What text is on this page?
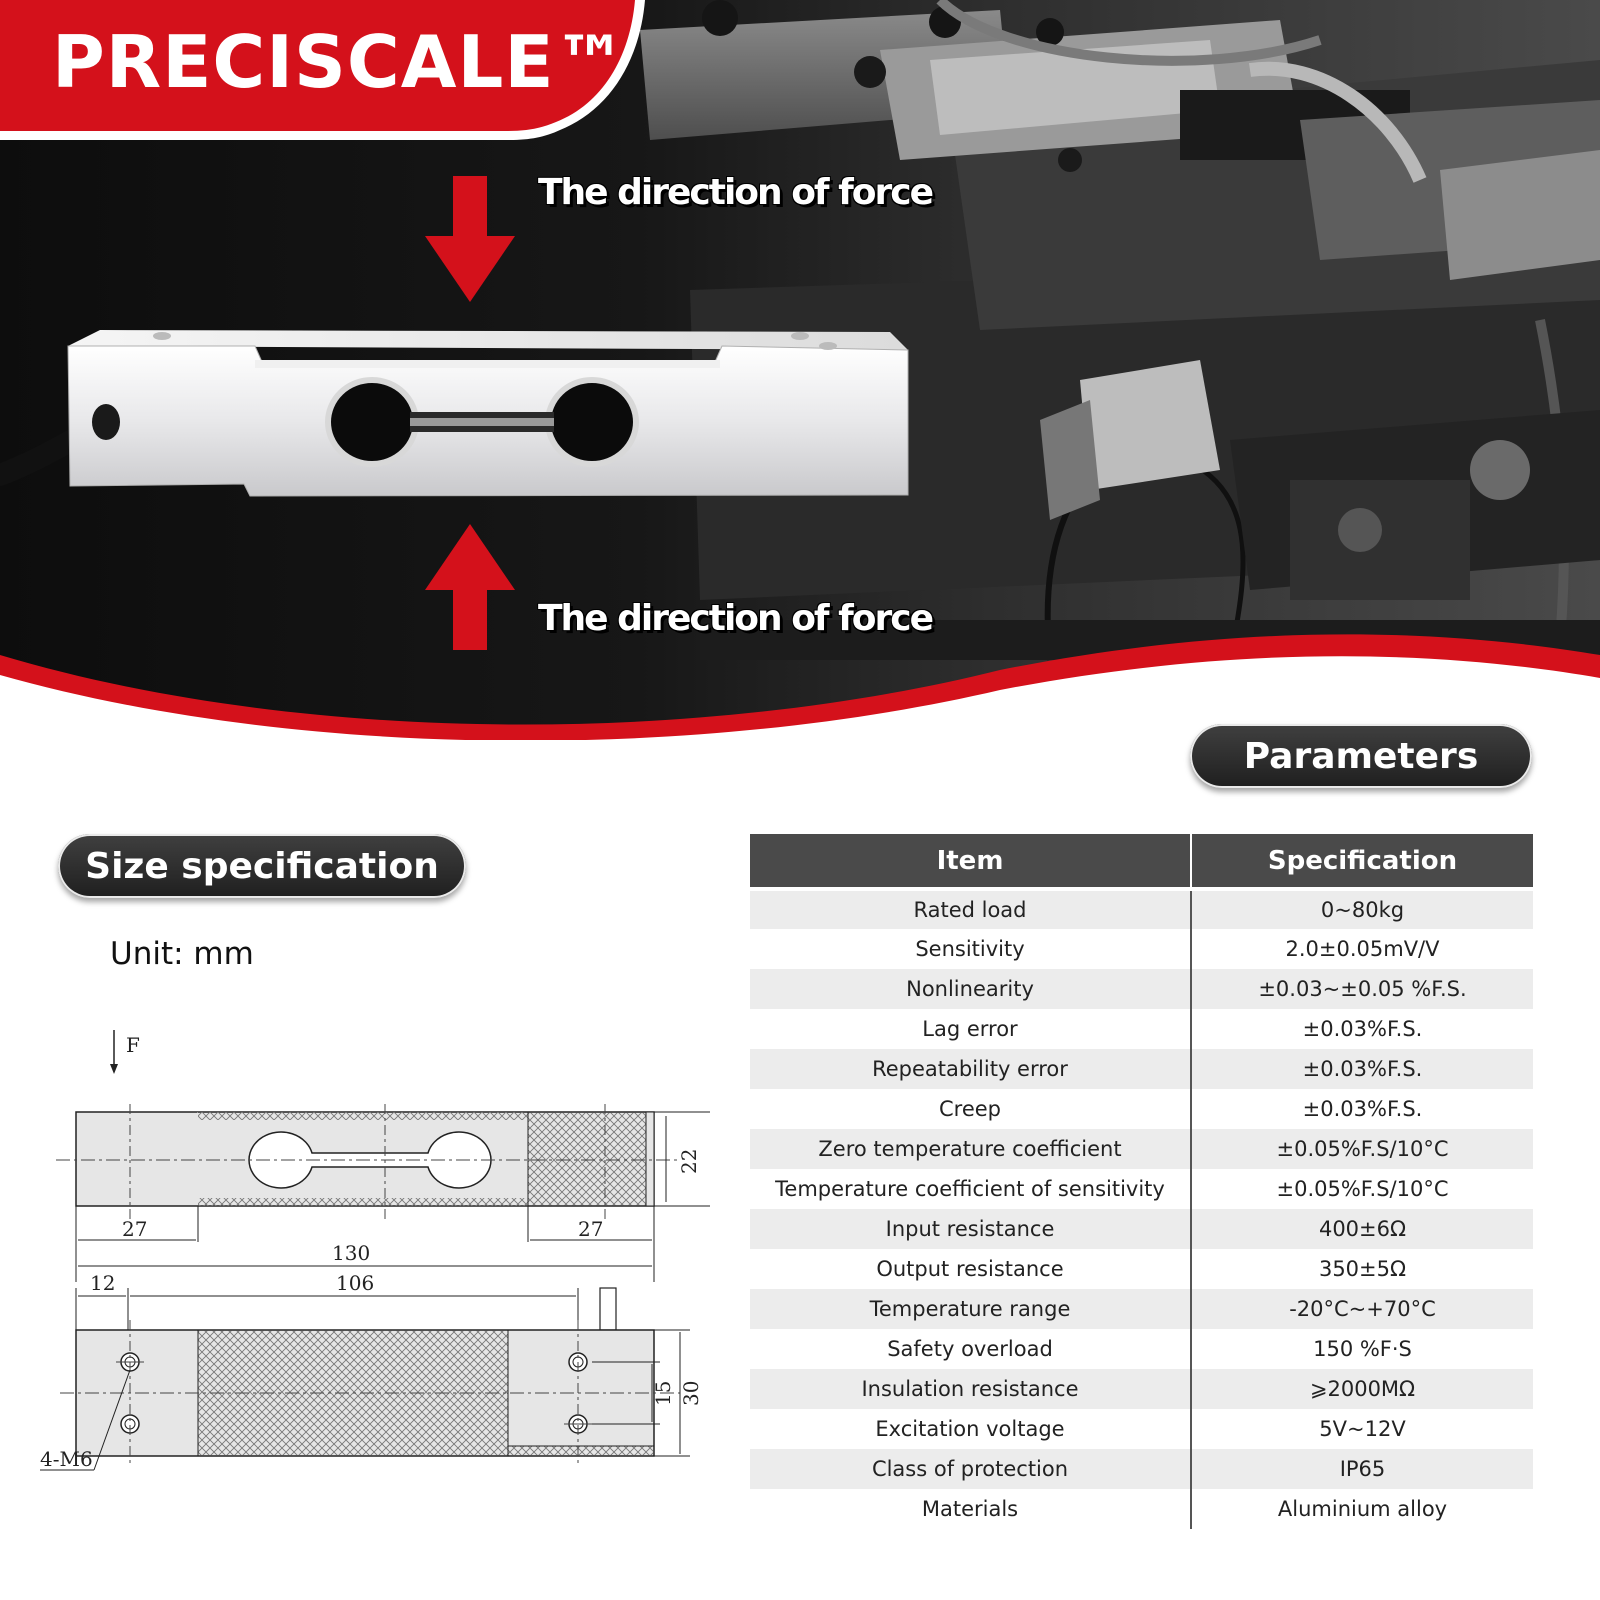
PRECISCALE™
The direction of force
The direction of force
Parameters
Size specification
Unit: mm
F
22
27	27
130
12	106
15 30
4-M6
Item	Specification
Rated load	0~80kg
Sensitivity	2.0±0.05mV/V
Nonlinearity	±0.03~±0.05 %F.S.
Lag error	±0.03%F.S.
Repeatability error	±0.03%F.S.
Creep	±0.03%F.S.
Zero temperature coefficient	±0.05%F.S/10°C
Temperature coefficient of sensitivity	±0.05%F.S/10°C
Input resistance	400±6Ω
Output resistance	350±5Ω
Temperature range	-20°C~+70°C
Safety overload	150 %F·S
Insulation resistance	⩾2000MΩ
Excitation voltage	5V~12V
Class of protection	IP65
Materials	Aluminium alloy
